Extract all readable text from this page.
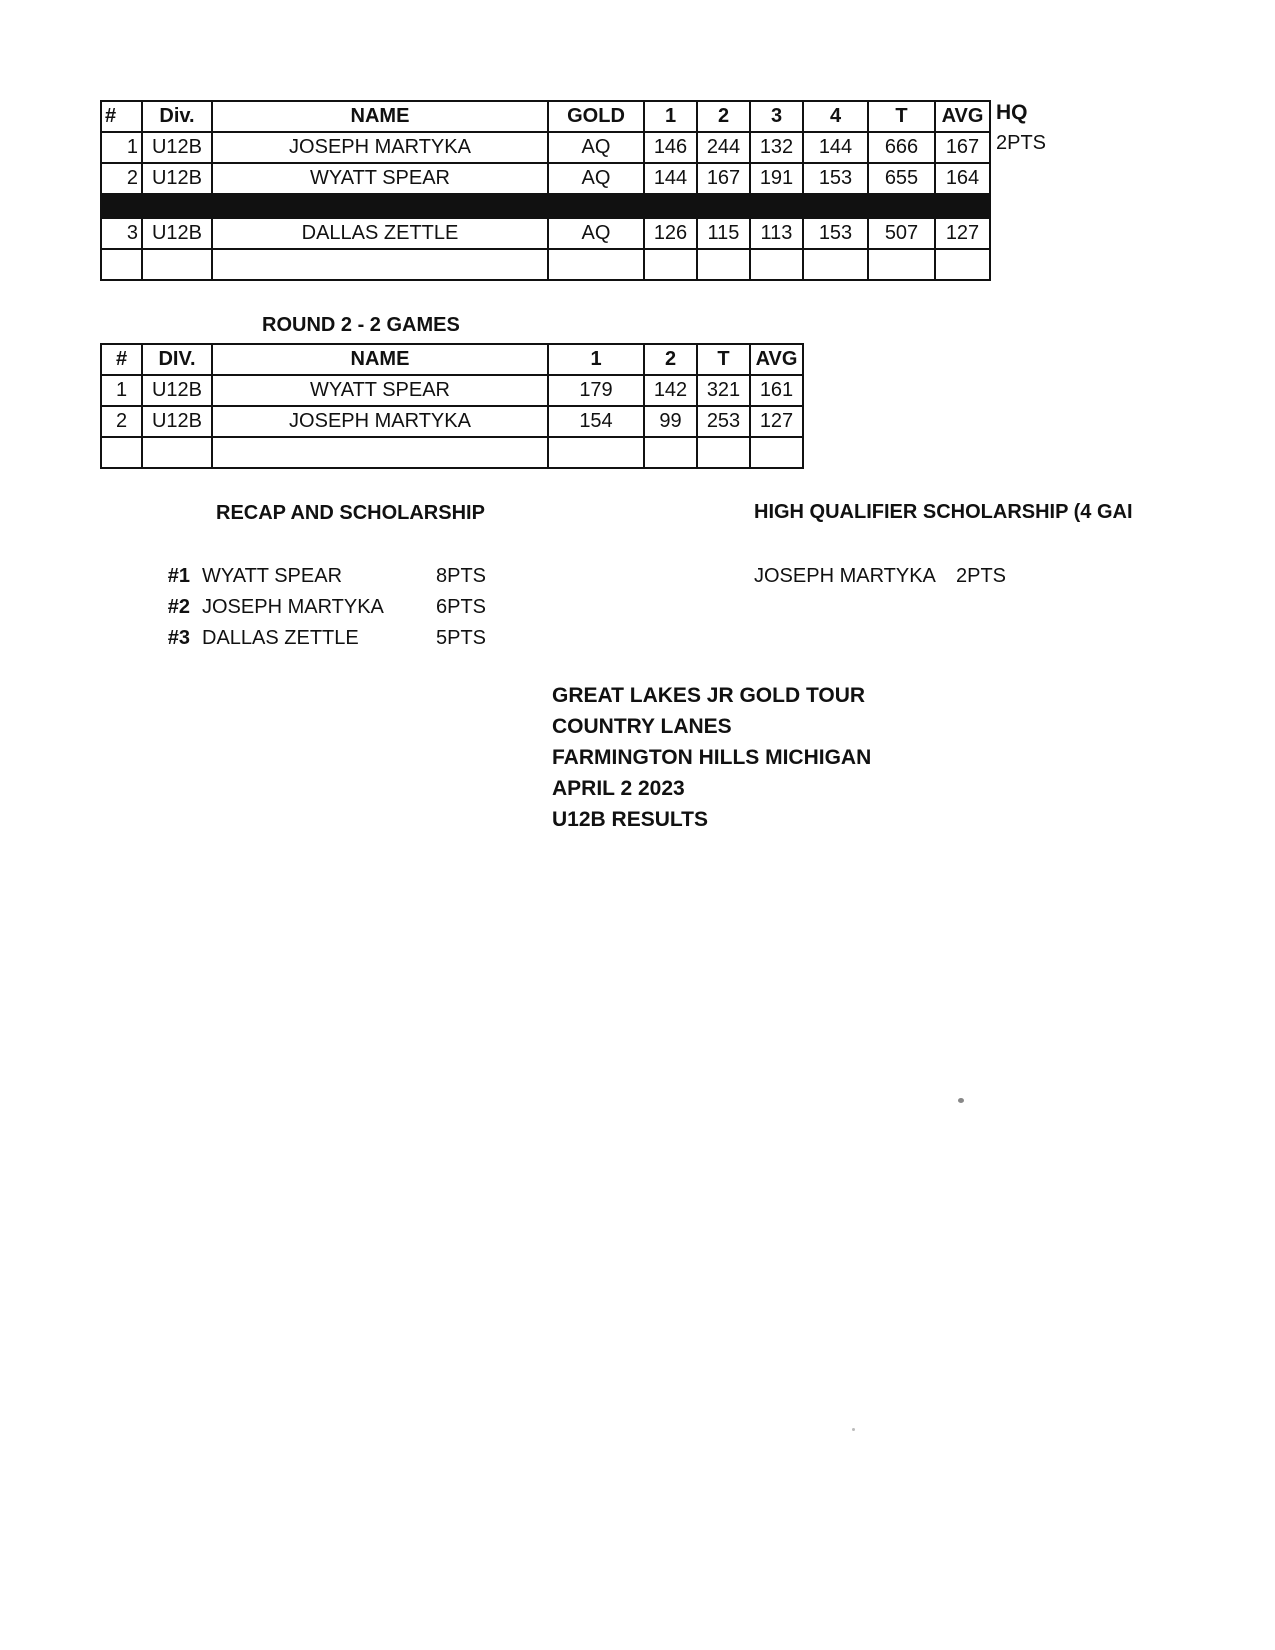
#	Div.	NAME	GOLD	1	2	3	4	T	AVG
1	U12B	JOSEPH MARTYKA	AQ	146	244	132	144	666	167
2	U12B	WYATT SPEAR	AQ	144	167	191	153	655	164

3	U12B	DALLAS ZETTLE	AQ	126	115	113	153	507	127

HQ
2PTS
ROUND 2 - 2 GAMES
#	DIV.	NAME	1	2	T	AVG
1	U12B	WYATT SPEAR	179	142	321	161
2	U12B	JOSEPH MARTYKA	154	99	253	127

RECAP AND SCHOLARSHIP
#1 WYATT SPEAR	8PTS
#2 JOSEPH MARTYKA	6PTS
#3 DALLAS ZETTLE	5PTS
HIGH QUALIFIER SCHOLARSHIP (4 GAI
JOSEPH MARTYKA 2PTS
GREAT LAKES JR GOLD TOUR
COUNTRY LANES
FARMINGTON HILLS MICHIGAN
APRIL 2 2023
U12B RESULTS
